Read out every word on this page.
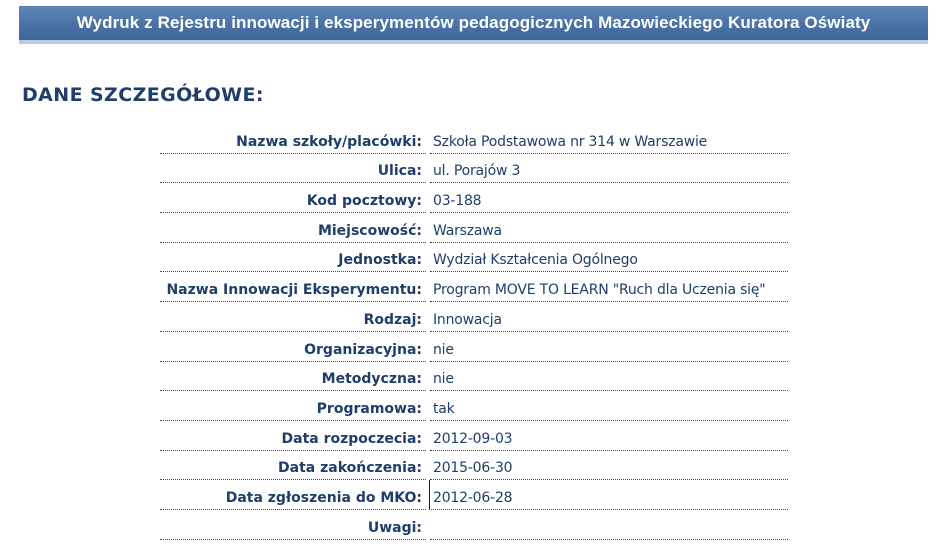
Wydruk z Rejestru innowacji i eksperymentów pedagogicznych Mazowieckiego Kuratora Oświaty
DANE SZCZEGÓŁOWE:
Nazwa szkoły/placówki: Szkoła Podstawowa nr 314 w Warszawie
Ulica: ul. Porajów 3
Kod pocztowy: 03-188
Miejscowość: Warszawa
Jednostka: Wydział Kształcenia Ogólnego
Nazwa Innowacji Eksperymentu: Program MOVE TO LEARN "Ruch dla Uczenia się"
Rodzaj: Innowacja
Organizacyjna: nie
Metodyczna: nie
Programowa: tak
Data rozpoczecia: 2012-09-03
Data zakończenia: 2015-06-30
Data zgłoszenia do MKO: 2012-06-28
Uwagi:
